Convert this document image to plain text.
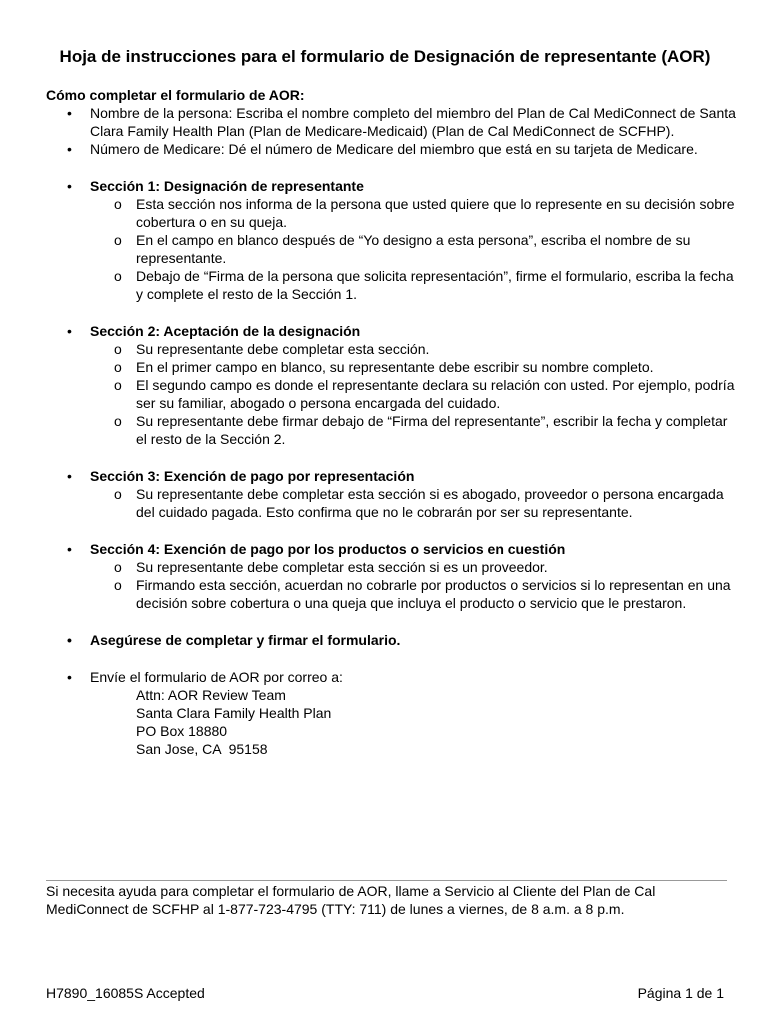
Hoja de instrucciones para el formulario de Designación de representante (AOR)

Cómo completar el formulario de AOR:

• Nombre de la persona: Escriba el nombre completo del miembro del Plan de Cal MediConnect de Santa Clara Family Health Plan (Plan de Medicare-Medicaid) (Plan de Cal MediConnect de SCFHP).
• Número de Medicare: Dé el número de Medicare del miembro que está en su tarjeta de Medicare.
• Sección 1: Designación de representante
o Esta sección nos informa de la persona que usted quiere que lo represente en su decisión sobre cobertura o en su queja.
o En el campo en blanco después de “Yo designo a esta persona”, escriba el nombre de su representante.
o Debajo de “Firma de la persona que solicita representación”, firme el formulario, escriba la fecha y complete el resto de la Sección 1.
• Sección 2: Aceptación de la designación
o Su representante debe completar esta sección.
o En el primer campo en blanco, su representante debe escribir su nombre completo.
o El segundo campo es donde el representante declara su relación con usted. Por ejemplo, podría ser su familiar, abogado o persona encargada del cuidado.
o Su representante debe firmar debajo de “Firma del representante”, escribir la fecha y completar el resto de la Sección 2.
• Sección 3: Exención de pago por representación
o Su representante debe completar esta sección si es abogado, proveedor o persona encargada del cuidado pagada. Esto confirma que no le cobrarán por ser su representante.
• Sección 4: Exención de pago por los productos o servicios en cuestión
o Su representante debe completar esta sección si es un proveedor.
o Firmando esta sección, acuerdan no cobrarle por productos o servicios si lo representan en una decisión sobre cobertura o una queja que incluya el producto o servicio que le prestaron.
• Asegúrese de completar y firmar el formulario.
• Envíe el formulario de AOR por correo a:
Attn: AOR Review Team
Santa Clara Family Health Plan
PO Box 18880
San Jose, CA  95158
Si necesita ayuda para completar el formulario de AOR, llame a Servicio al Cliente del Plan de Cal MediConnect de SCFHP al 1-877-723-4795 (TTY: 711) de lunes a viernes, de 8 a.m. a 8 p.m.
H7890_16085S Accepted	Página 1 de 1
